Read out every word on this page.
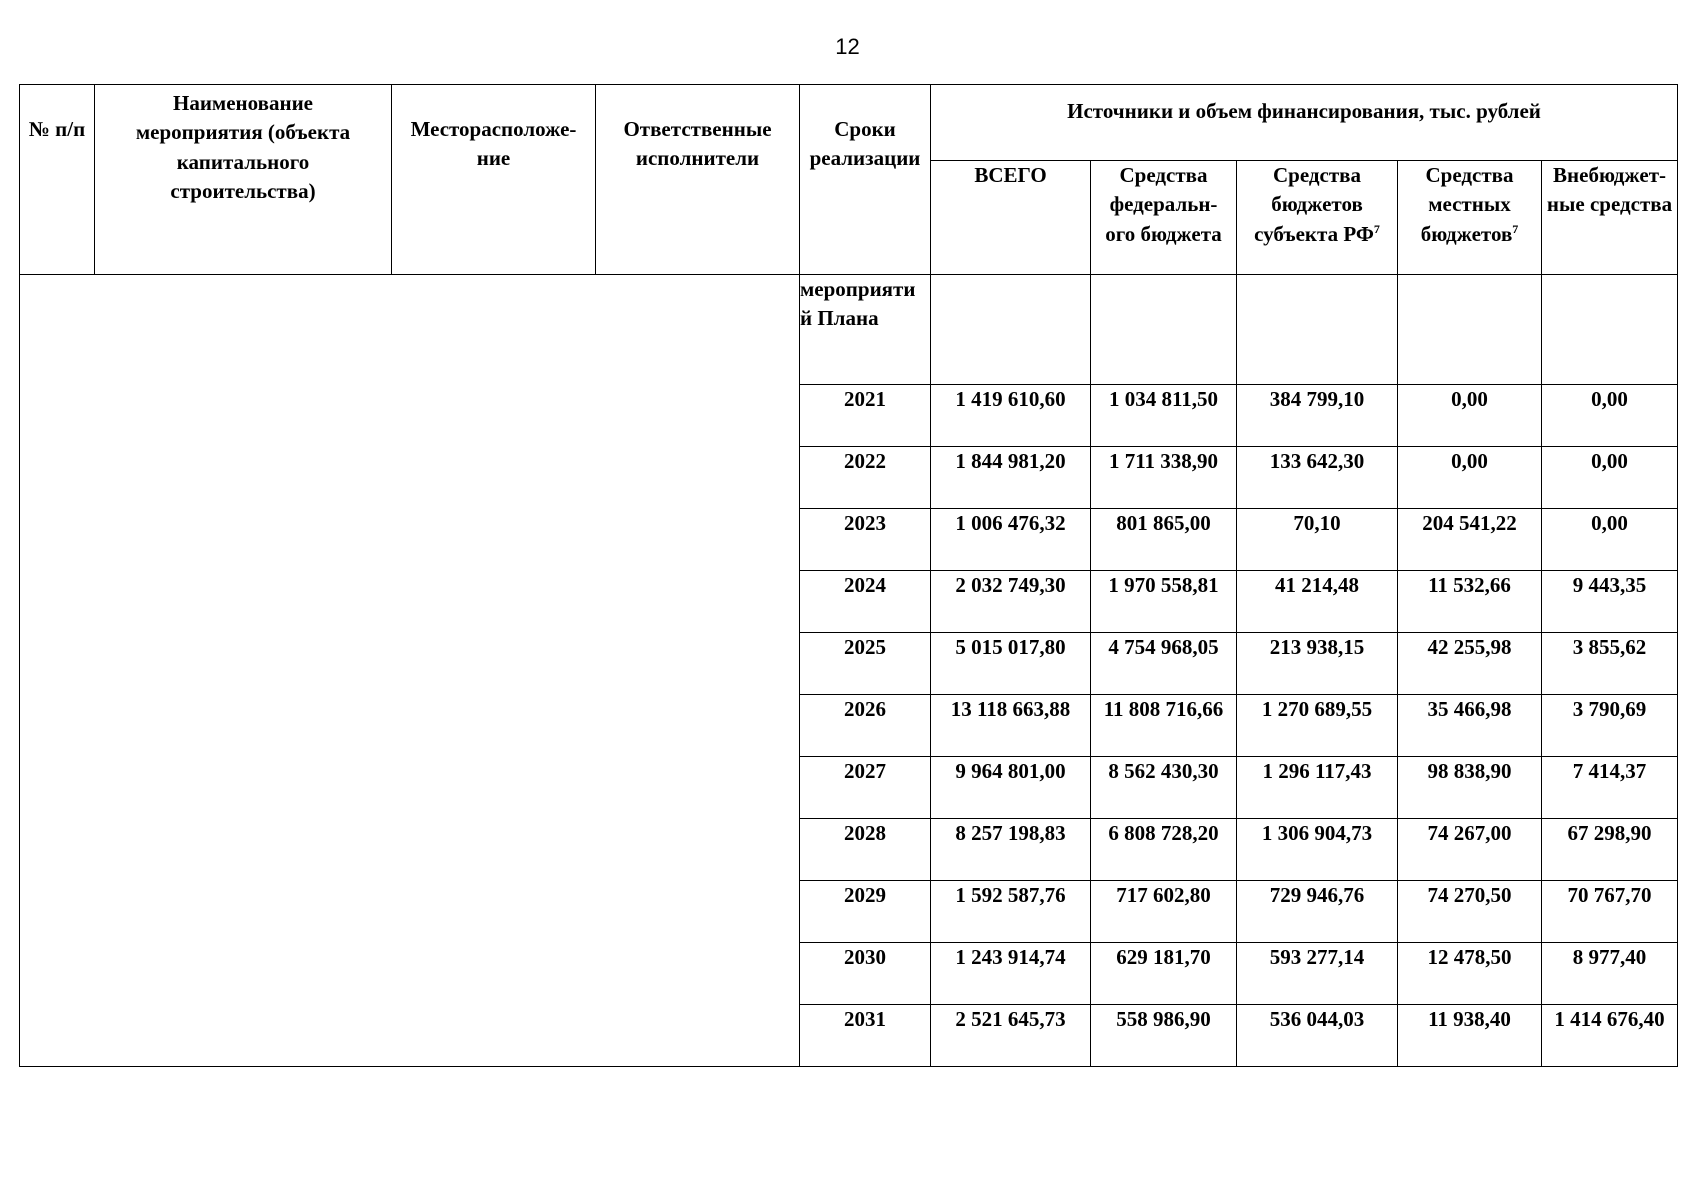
12
№ п/п	Наименование мероприятия (объекта капитального строительства)	Месторасположе-ние	Ответственные исполнители	Сроки реализации	Источники и объем финансирования, тыс. рублей				
					ВСЕГО	Средства федеральн-ого бюджета	Средства бюджетов субъекта $РФ^7$	Средства местных бюджетов$^7$	Внебюджет-ные средства
				мероприяти й Плана					
				2021	1 419 610,60	1 034 811,50	384 799,10	0,00	0,00
				2022	1 844 981,20	1 711 338,90	133 642,30	0,00	0,00
				2023	1 006 476,32	801 865,00	70,10	204 541,22	0,00
				2024	2 032 749,30	1 970 558,81	41 214,48	11 532,66	9 443,35
				2025	5 015 017,80	4 754 968,05	213 938,15	42 255,98	3 855,62
				2026	13 118 663,88	11 808 716,66	1 270 689,55	35 466,98	3 790,69
				2027	9 964 801,00	8 562 430,30	1 296 117,43	98 838,90	7 414,37
				2028	8 257 198,83	6 808 728,20	1 306 904,73	74 267,00	67 298,90
				2029	1 592 587,76	717 602,80	729 946,76	74 270,50	70 767,70
				2030	1 243 914,74	629 181,70	593 277,14	12 478,50	8 977,40
				2031	2 521 645,73	558 986,90	536 044,03	11 938,40	1 414 676,40
